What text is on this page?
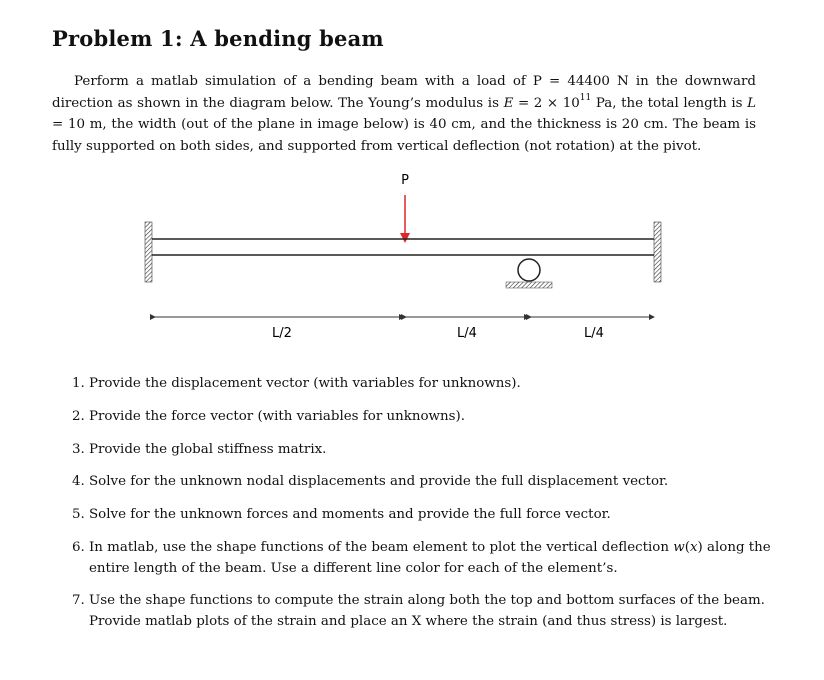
Problem 1: A bending beam
Perform a matlab simulation of a bending beam with a load of P = 44400 N in the downward direction as shown in the diagram below. The Young’s modulus is $E = 2 \times 10^{11}$ Pa, the total length is L = 10 m, the width (out of the plane in image below) is 40 cm, and the thickness is 20 cm. The beam is fully supported on both sides, and supported from vertical deflection (not rotation) at the pivot.
P
L/2	L/4	L/4
1. Provide the displacement vector (with variables for unknowns).
2. Provide the force vector (with variables for unknowns).
3. Provide the global stiffness matrix.
4. Solve for the unknown nodal displacements and provide the full displacement vector.
5. Solve for the unknown forces and moments and provide the full force vector.
6. In matlab, use the shape functions of the beam element to plot the vertical deflection w(x) along the
entire length of the beam. Use a different line color for each of the element’s.
7. Use the shape functions to compute the strain along both the top and bottom surfaces of the beam.
Provide matlab plots of the strain and place an X where the strain (and thus stress) is largest.
